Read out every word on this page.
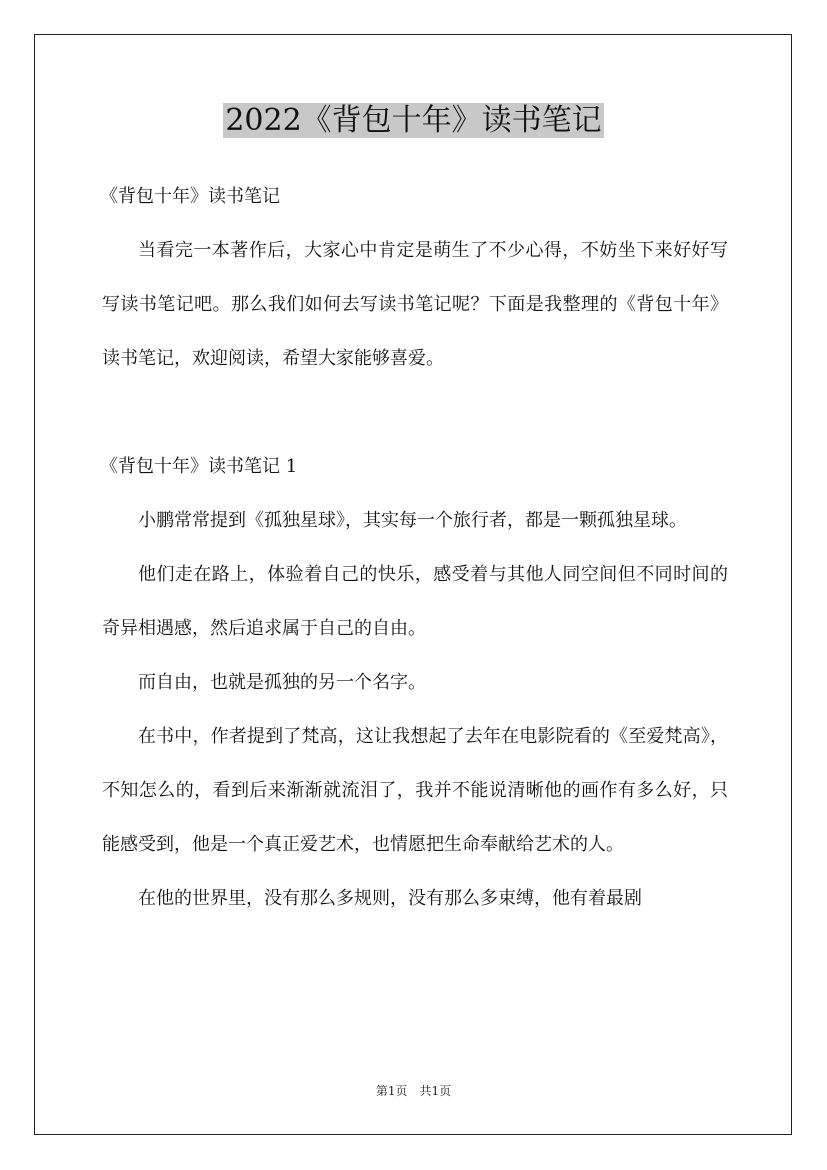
2022《背包十年》读书笔记

《背包十年》读书笔记

当看完一本著作后，大家心中肯定是萌生了不少心得，不妨坐下来好好写写读书笔记吧。那么我们如何去写读书笔记呢？下面是我整理的《背包十年》读书笔记，欢迎阅读，希望大家能够喜爱。

《背包十年》读书笔记 1

小鹏常常提到《孤独星球》，其实每一个旅行者，都是一颗孤独星球。

他们走在路上，体验着自己的快乐，感受着与其他人同空间但不同时间的奇异相遇感，然后追求属于自己的自由。

而自由，也就是孤独的另一个名字。

在书中，作者提到了梵高，这让我想起了去年在电影院看的《至爱梵高》，不知怎么的，看到后来渐渐就流泪了，我并不能说清晰他的画作有多么好，只能感受到，他是一个真正爱艺术，也情愿把生命奉献给艺术的人。

在他的世界里，没有那么多规则，没有那么多束缚，他有着最剧

第1页　共1页
